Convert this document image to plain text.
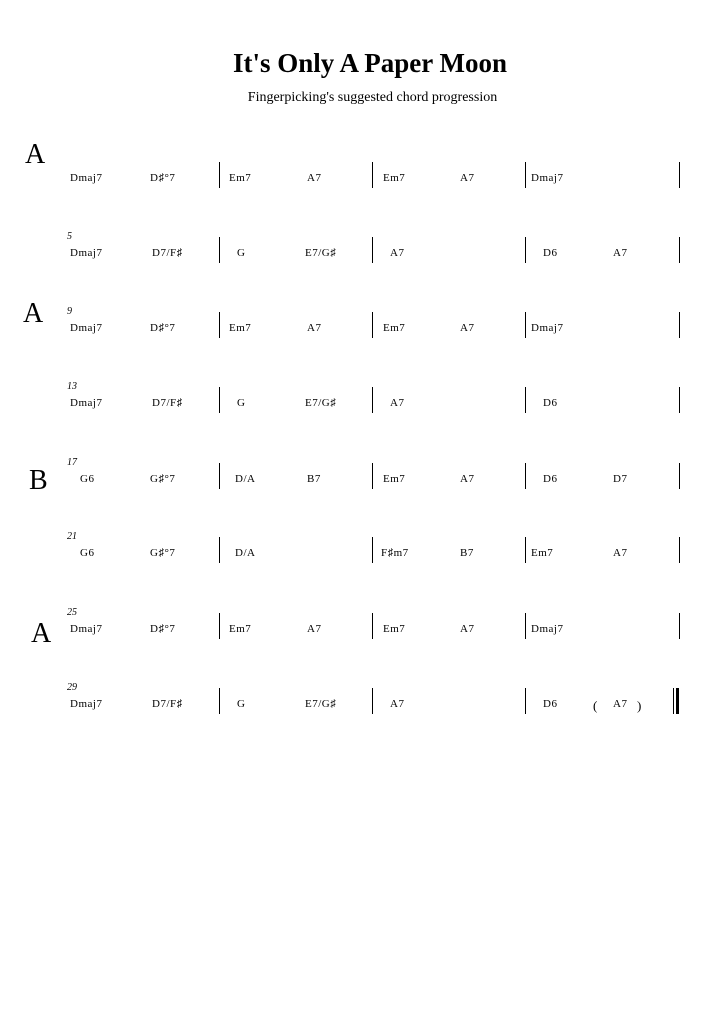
It's Only A Paper Moon
Fingerpicking's suggested chord progression
A
Dmaj7	D♯°7	Em7	A7	Em7	A7	Dmaj7
5
Dmaj7	D7/F♯	G	E7/G♯	A7	D6	A7
A 9
Dmaj7	D♯°7	Em7	A7	Em7	A7	Dmaj7
13
Dmaj7	D7/F♯	G	E7/G♯	A7	D6
B
17
G6	G♯°7	D/A	B7	Em7	A7	D6	D7
21
G6	G♯°7	D/A	F♯m7	B7	Em7	A7
A
25
Dmaj7	D♯°7	Em7	A7	Em7	A7	Dmaj7
29
Dmaj7	D7/F♯	G	E7/G♯	A7	D6	A7
(	)
